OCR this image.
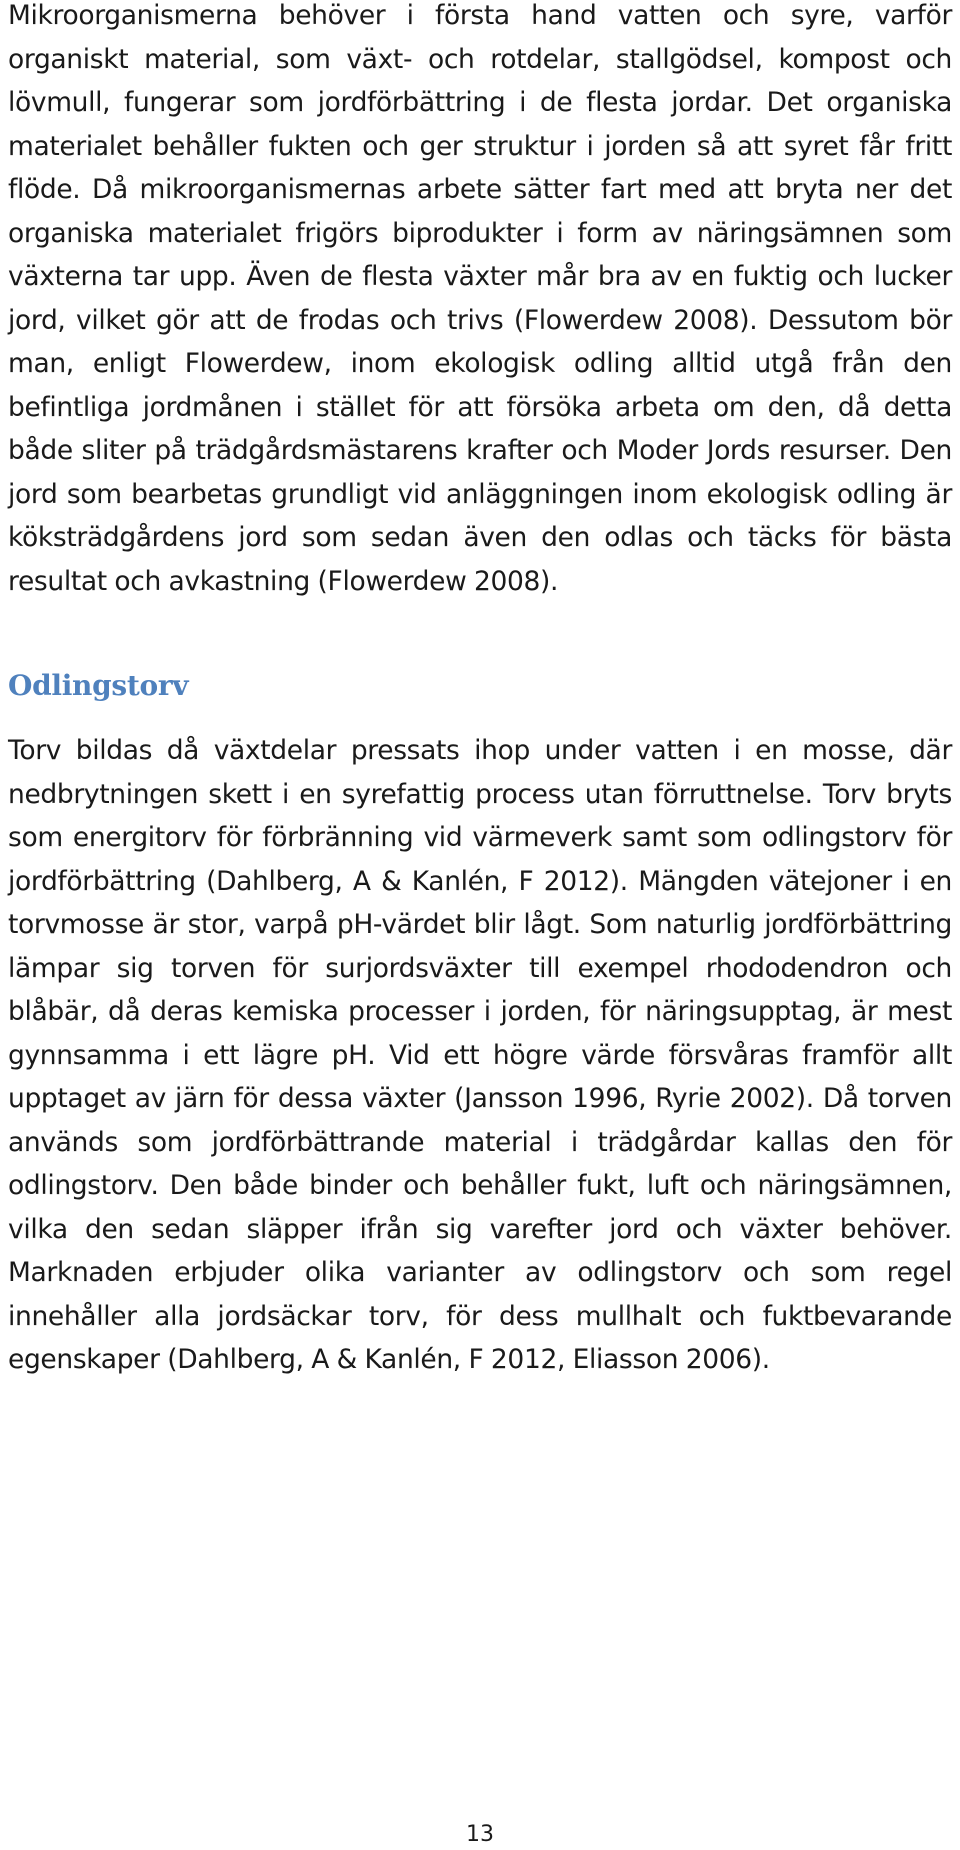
Mikroorganismerna behöver i första hand vatten och syre, varför organiskt material, som växt- och rotdelar, stallgödsel, kompost och lövmull, fungerar som jordförbättring i de flesta jordar. Det organiska materialet behåller fukten och ger struktur i jorden så att syret får fritt flöde. Då mikroorganismernas arbete sätter fart med att bryta ner det organiska materialet frigörs biprodukter i form av näringsämnen som växterna tar upp. Även de flesta växter mår bra av en fuktig och lucker jord, vilket gör att de frodas och trivs (Flowerdew 2008). Dessutom bör man, enligt Flowerdew, inom ekologisk odling alltid utgå från den befintliga jordmånen i stället för att försöka arbeta om den, då detta både sliter på trädgårdsmästarens krafter och Moder Jords resurser. Den jord som bearbetas grundligt vid anläggningen inom ekologisk odling är köksträdgårdens jord som sedan även den odlas och täcks för bästa resultat och avkastning (Flowerdew 2008).

Odlingstorv

Torv bildas då växtdelar pressats ihop under vatten i en mosse, där nedbrytningen skett i en syrefattig process utan förruttnelse. Torv bryts som energitorv för förbränning vid värmeverk samt som odlingstorv för jordförbättring (Dahlberg, A & Kanlén, F 2012). Mängden vätejoner i en torvmosse är stor, varpå pH-värdet blir lågt. Som naturlig jordförbättring lämpar sig torven för surjordsväxter till exempel rhododendron och blåbär, då deras kemiska processer i jorden, för näringsupptag, är mest gynnsamma i ett lägre pH. Vid ett högre värde försvåras framför allt upptaget av järn för dessa växter (Jansson 1996, Ryrie 2002). Då torven används som jordförbättrande material i trädgårdar kallas den för odlingstorv. Den både binder och behåller fukt, luft och näringsämnen, vilka den sedan släpper ifrån sig varefter jord och växter behöver. Marknaden erbjuder olika varianter av odlingstorv och som regel innehåller alla jordsäckar torv, för dess mullhalt och fuktbevarande egenskaper (Dahlberg, A & Kanlén, F 2012, Eliasson 2006).

13
